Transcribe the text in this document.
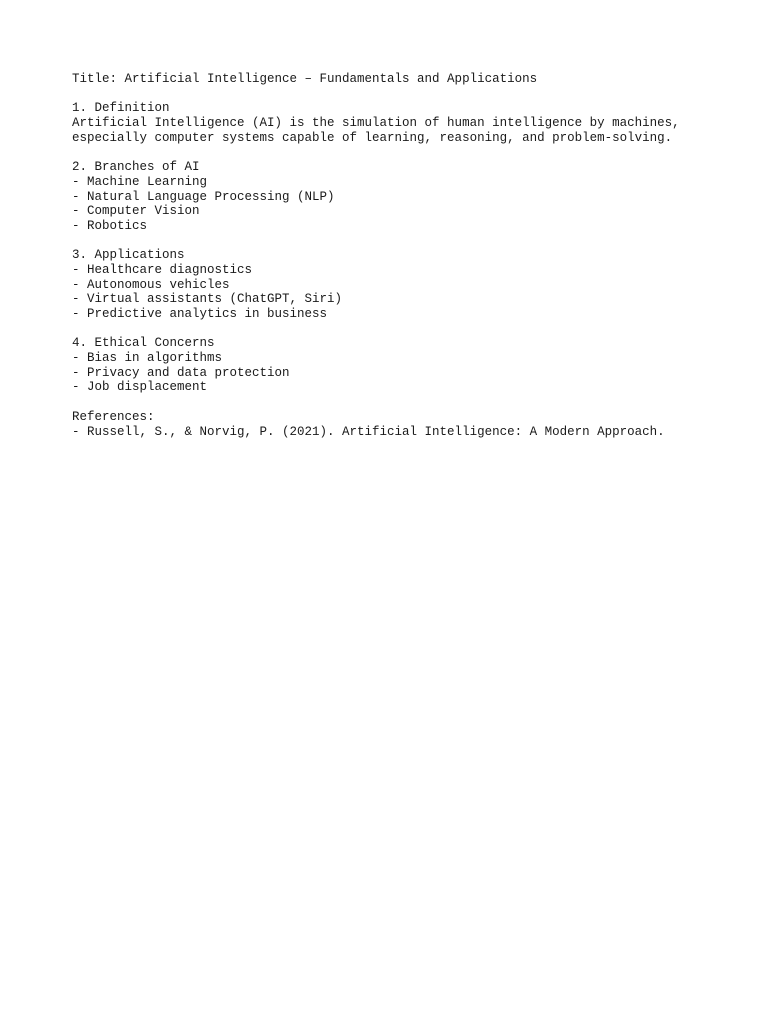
Title: Artificial Intelligence – Fundamentals and Applications

1. Definition

Artificial Intelligence (AI) is the simulation of human intelligence by machines,

especially computer systems capable of learning, reasoning, and problem-solving.

2. Branches of AI

- Machine Learning
- Natural Language Processing (NLP)
- Computer Vision
- Robotics

3. Applications

- Healthcare diagnostics
- Autonomous vehicles
- Virtual assistants (ChatGPT, Siri)
- Predictive analytics in business

4. Ethical Concerns

- Bias in algorithms
- Privacy and data protection
- Job displacement

References:

- Russell, S., & Norvig, P. (2021). Artificial Intelligence: A Modern Approach.
